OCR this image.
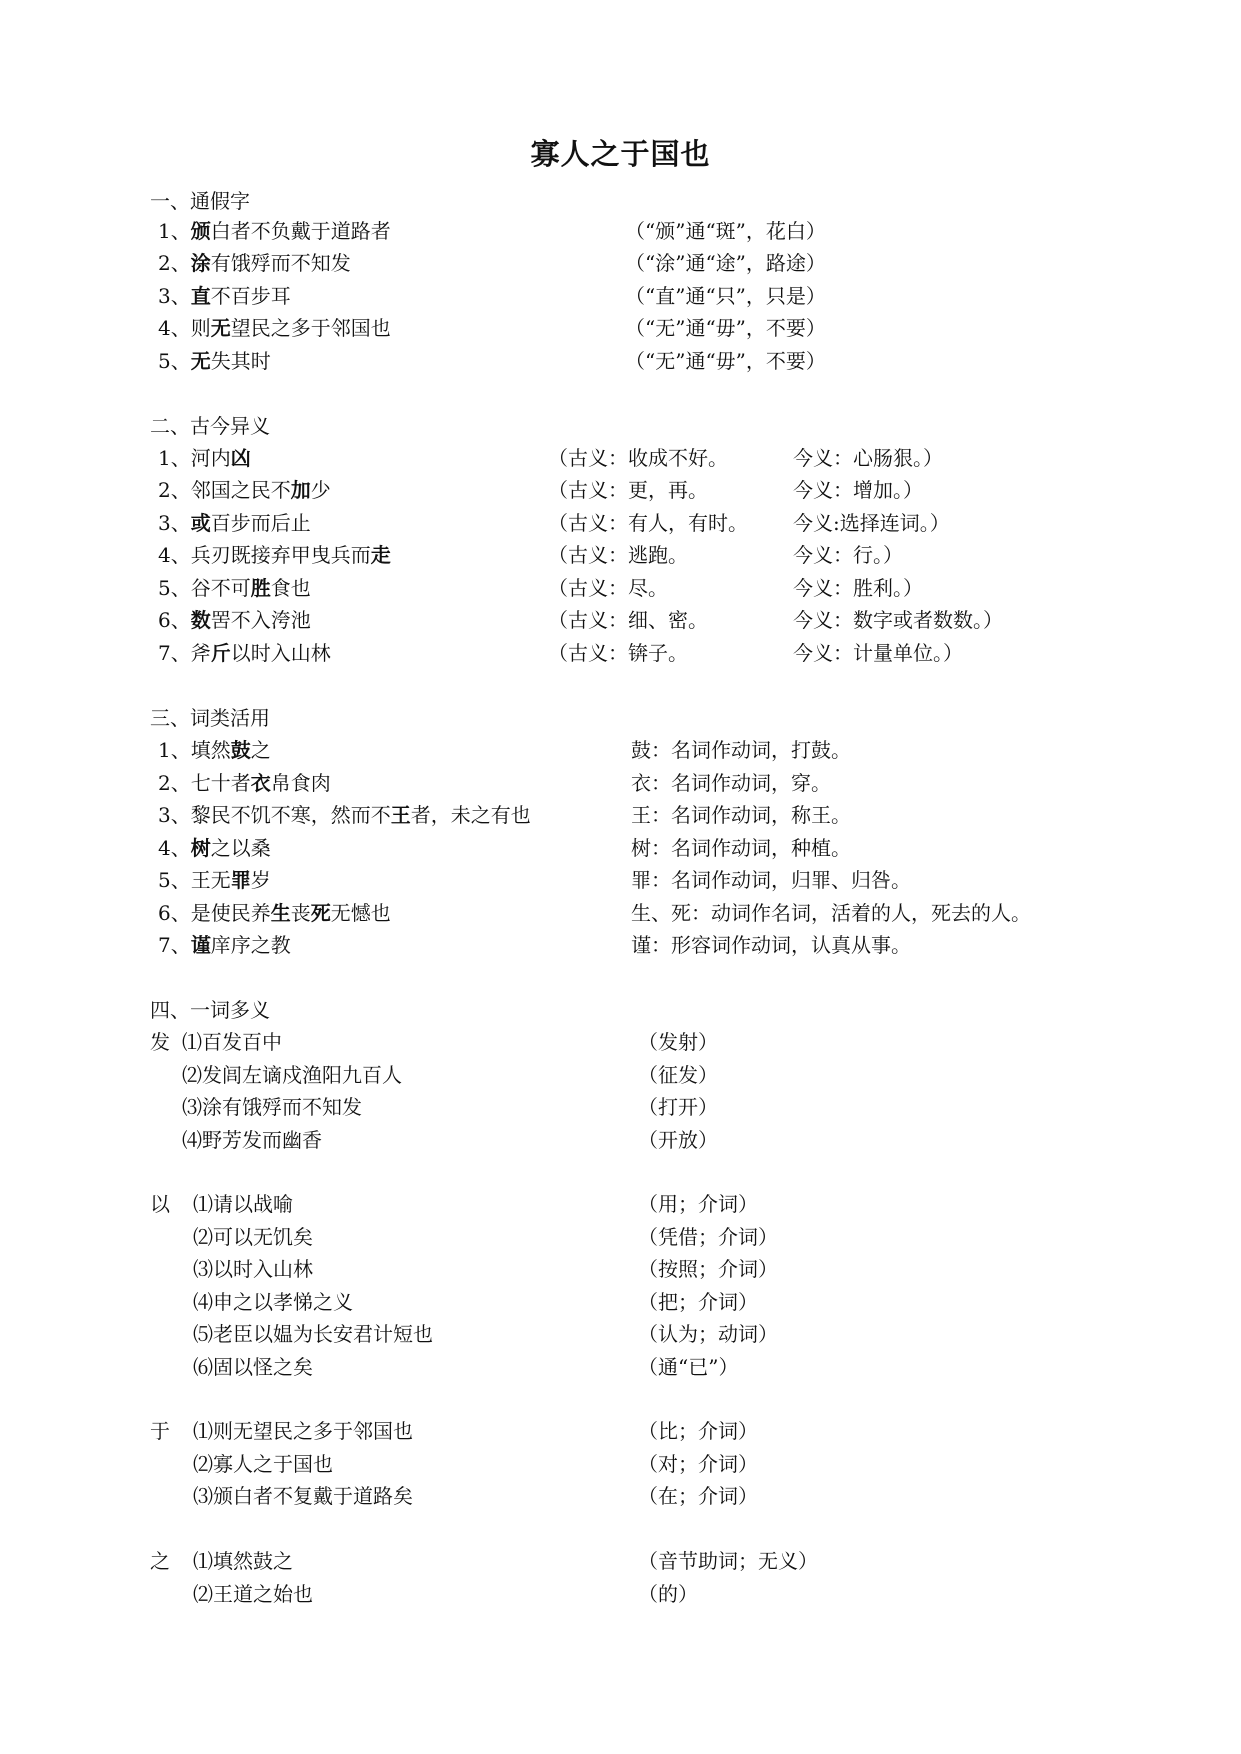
寡人之于国也
一、通假字
1、颁白者不负戴于道路者	（“颁”通“斑”，花白）
2、涂有饿殍而不知发	（“涂”通“途”，路途）
3、直不百步耳	（“直”通“只”，只是）
4、则无望民之多于邻国也	（“无”通“毋”，不要）
5、无失其时	（“无”通“毋”，不要）
二、古今异义
1、河内凶	（古义：收成不好。	今义：心肠狠。）
2、邻国之民不加少	（古义：更，再。	今义：增加。）
3、或百步而后止	（古义：有人，有时。 今义:选择连词。）
4、兵刃既接弃甲曳兵而走	（古义：逃跑。	今义：行。）
5、谷不可胜食也	（古义：尽。	今义：胜利。）
6、数罟不入洿池	（古义：细、密。	今义：数字或者数数。）
7、斧斤以时入山林	（古义：锛子。	今义：计量单位。）
三、词类活用
1、填然鼓之	鼓：名词作动词，打鼓。
2、七十者衣帛食肉	衣：名词作动词，穿。
3、黎民不饥不寒，然而不王者，未之有也	王：名词作动词，称王。
4、树之以桑	树：名词作动词，种植。
5、王无罪岁	罪：名词作动词，归罪、归咎。
6、是使民养生丧死无憾也	生、死：动词作名词，活着的人，死去的人。
7、谨庠序之教	谨：形容词作动词，认真从事。
四、一词多义
发 ⑴百发百中	（发射）
⑵发闾左谪戍渔阳九百人	（征发）
⑶涂有饿殍而不知发	（打开）
⑷野芳发而幽香	（开放）
以 ⑴请以战喻	（用；介词）
⑵可以无饥矣	（凭借；介词）
⑶以时入山林	（按照；介词）
⑷申之以孝悌之义	（把；介词）
⑸老臣以媪为长安君计短也	（认为；动词）
⑹固以怪之矣	（通“已”）
于 ⑴则无望民之多于邻国也	（比；介词）
⑵寡人之于国也	（对；介词）
⑶颁白者不复戴于道路矣	（在；介词）
之 ⑴填然鼓之	（音节助词；无义）
⑵王道之始也	（的）
